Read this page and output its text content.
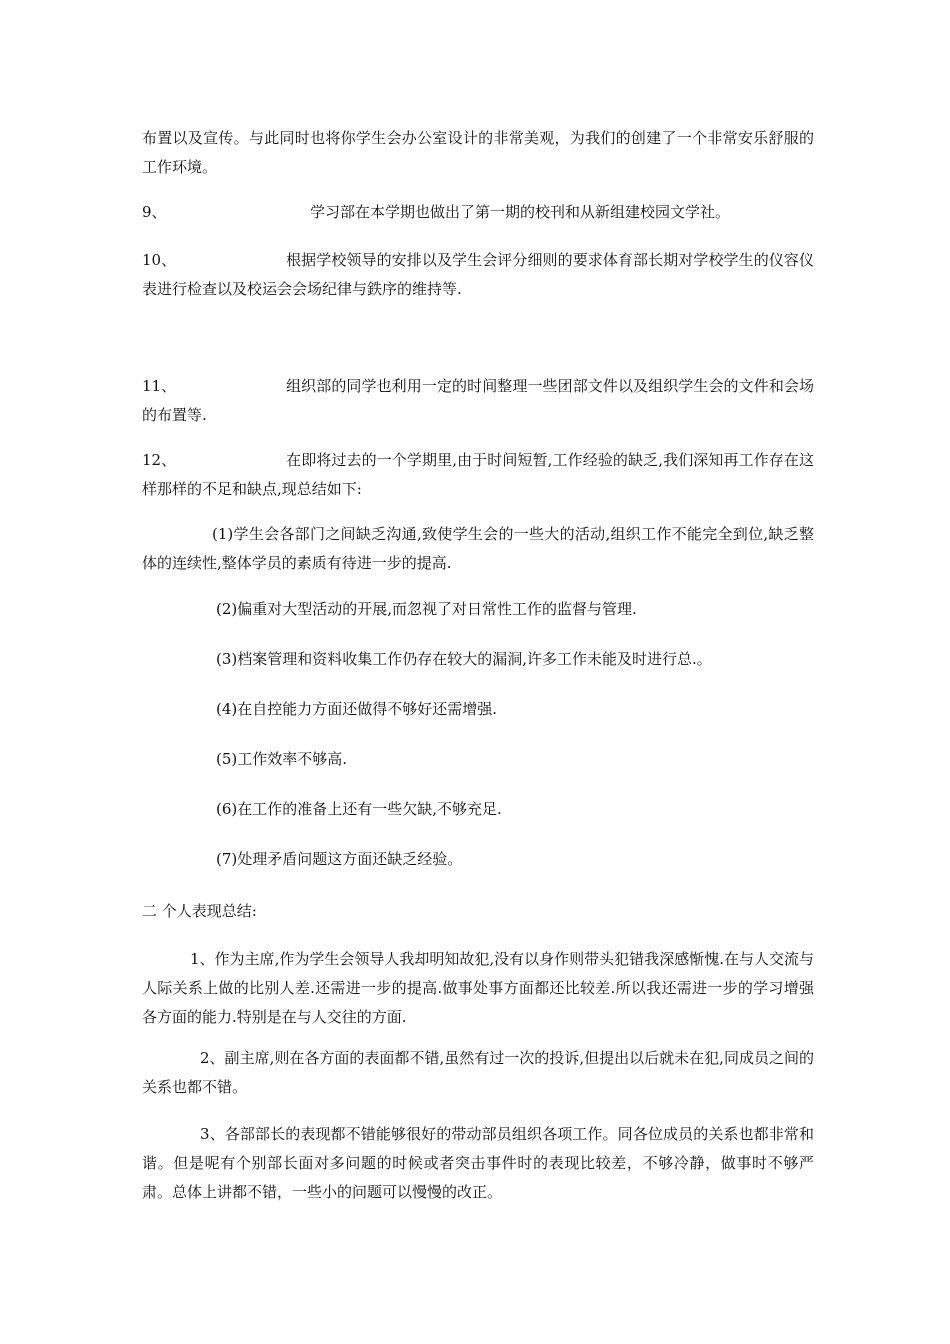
布置以及宣传。与此同时也将你学生会办公室设计的非常美观，为我们的创建了一个非常安乐舒服的工作环境。

9、	学习部在本学期也做出了第一期的校刊和从新组建校园文学社。

10、	根据学校领导的安排以及学生会评分细则的要求体育部长期对学校学生的仪容仪表进行检查以及校运会会场纪律与鉄序的维持等.

11、	组织部的同学也利用一定的时间整理一些团部文件以及组织学生会的文件和会场的布置等.

12、	在即将过去的一个学期里,由于时间短暂,工作经验的缺乏,我们深知再工作存在这样那样的不足和缺点,现总结如下:

(1)学生会各部门之间缺乏沟通,致使学生会的一些大的活动,组织工作不能完全到位,缺乏整体的连续性,整体学员的素质有待进一步的提高.

(2)偏重对大型活动的开展,而忽视了对日常性工作的监督与管理.

(3)档案管理和资料收集工作仍存在较大的漏洞,许多工作未能及时进行总.。

(4)在自控能力方面还做得不够好还需增强.

(5)工作效率不够高.

(6)在工作的准备上还有一些欠缺,不够充足.

(7)处理矛盾问题这方面还缺乏经验。

二 个人表现总结:

1、作为主席,作为学生会领导人我却明知故犯,没有以身作则带头犯错我深感惭愧.在与人交流与人际关系上做的比别人差.还需进一步的提高.做事处事方面都还比较差.所以我还需进一步的学习增强各方面的能力.特别是在与人交往的方面.

2、副主席,则在各方面的表面都不错,虽然有过一次的投诉,但提出以后就未在犯,同成员之间的关系也都不错。

3、各部部长的表现都不错能够很好的带动部员组织各项工作。同各位成员的关系也都非常和谐。但是呢有个别部长面对多问题的时候或者突击事件时的表现比较差，不够冷静，做事时不够严肃。总体上讲都不错，一些小的问题可以慢慢的改正。
